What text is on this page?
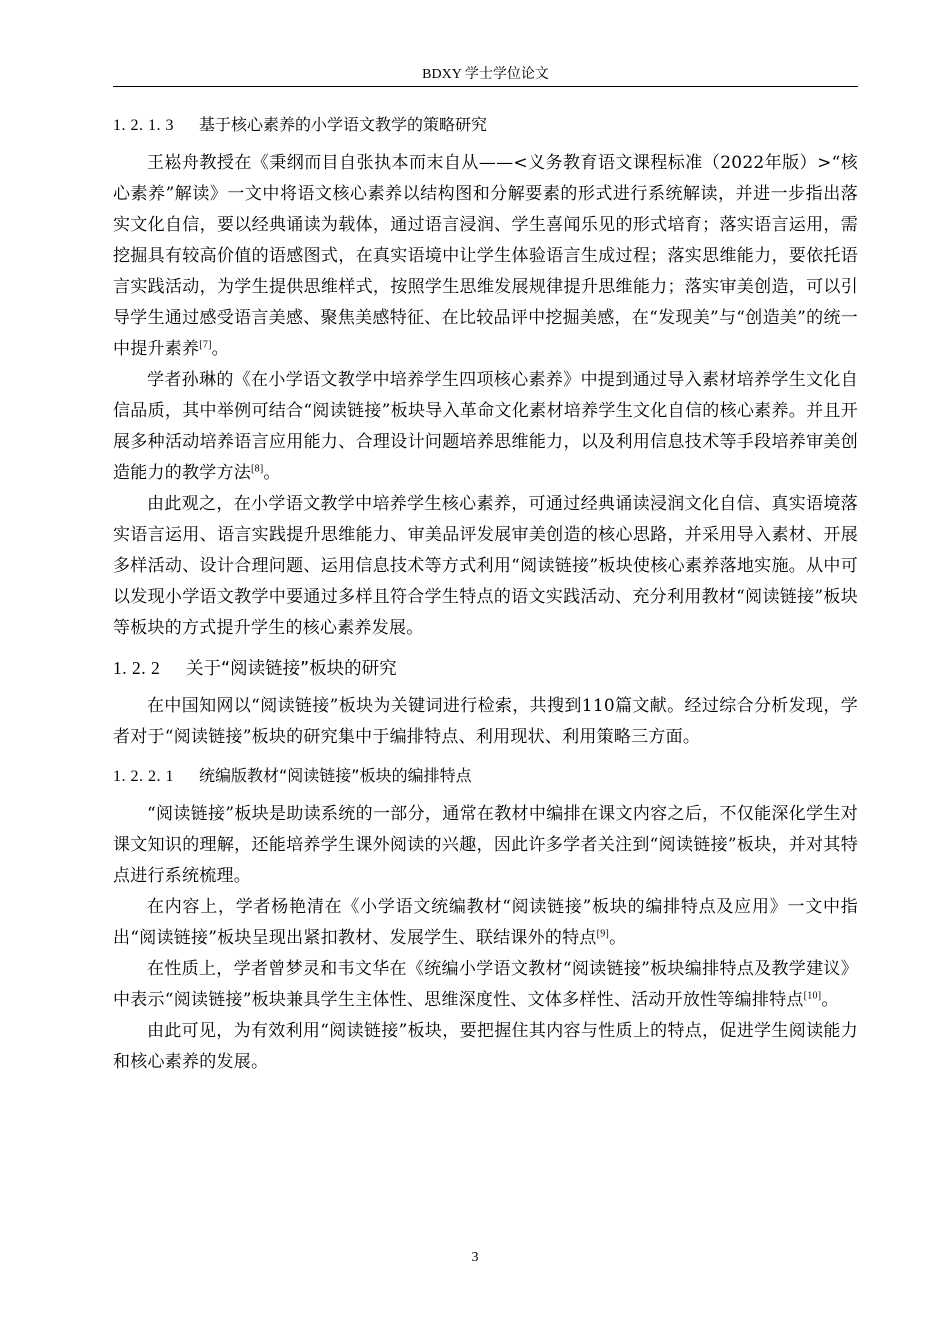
BDXY 学士学位论文
1. 2. 1. 3 基于核心素养的小学语文教学的策略研究

王崧舟教授在《秉纲而目自张执本而末自从——<义务教育语文课程标准（2022年版）>“核心素养”解读》一文中将语文核心素养以结构图和分解要素的形式进行系统解读，并进一步指出落实文化自信，要以经典诵读为载体，通过语言浸润、学生喜闻乐见的形式培育；落实语言运用，需挖掘具有较高价值的语感图式，在真实语境中让学生体验语言生成过程；落实思维能力，要依托语言实践活动，为学生提供思维样式，按照学生思维发展规律提升思维能力；落实审美创造，可以引导学生通过感受语言美感、聚焦美感特征、在比较品评中挖掘美感，在“发现美”与“创造美”的统一中提升素养[7]。

学者孙琳的《在小学语文教学中培养学生四项核心素养》中提到通过导入素材培养学生文化自信品质，其中举例可结合“阅读链接”板块导入革命文化素材培养学生文化自信的核心素养。并且开展多种活动培养语言应用能力、合理设计问题培养思维能力，以及利用信息技术等手段培养审美创造能力的教学方法[8]。

由此观之，在小学语文教学中培养学生核心素养，可通过经典诵读浸润文化自信、真实语境落实语言运用、语言实践提升思维能力、审美品评发展审美创造的核心思路，并采用导入素材、开展多样活动、设计合理问题、运用信息技术等方式利用“阅读链接”板块使核心素养落地实施。从中可以发现小学语文教学中要通过多样且符合学生特点的语文实践活动、充分利用教材“阅读链接”板块等板块的方式提升学生的核心素养发展。

1. 2. 2 关于“阅读链接”板块的研究

在中国知网以“阅读链接”板块为关键词进行检索，共搜到110篇文献。经过综合分析发现，学者对于“阅读链接”板块的研究集中于编排特点、利用现状、利用策略三方面。

1. 2. 2. 1 统编版教材“阅读链接”板块的编排特点

“阅读链接”板块是助读系统的一部分，通常在教材中编排在课文内容之后，不仅能深化学生对课文知识的理解，还能培养学生课外阅读的兴趣，因此许多学者关注到“阅读链接”板块，并对其特点进行系统梳理。

在内容上，学者杨艳清在《小学语文统编教材“阅读链接”板块的编排特点及应用》一文中指出“阅读链接”板块呈现出紧扣教材、发展学生、联结课外的特点[9]。

在性质上，学者曾梦灵和韦文华在《统编小学语文教材“阅读链接”板块编排特点及教学建议》中表示“阅读链接”板块兼具学生主体性、思维深度性、文体多样性、活动开放性等编排特点[10]。

由此可见，为有效利用“阅读链接”板块，要把握住其内容与性质上的特点，促进学生阅读能力和核心素养的发展。

3
